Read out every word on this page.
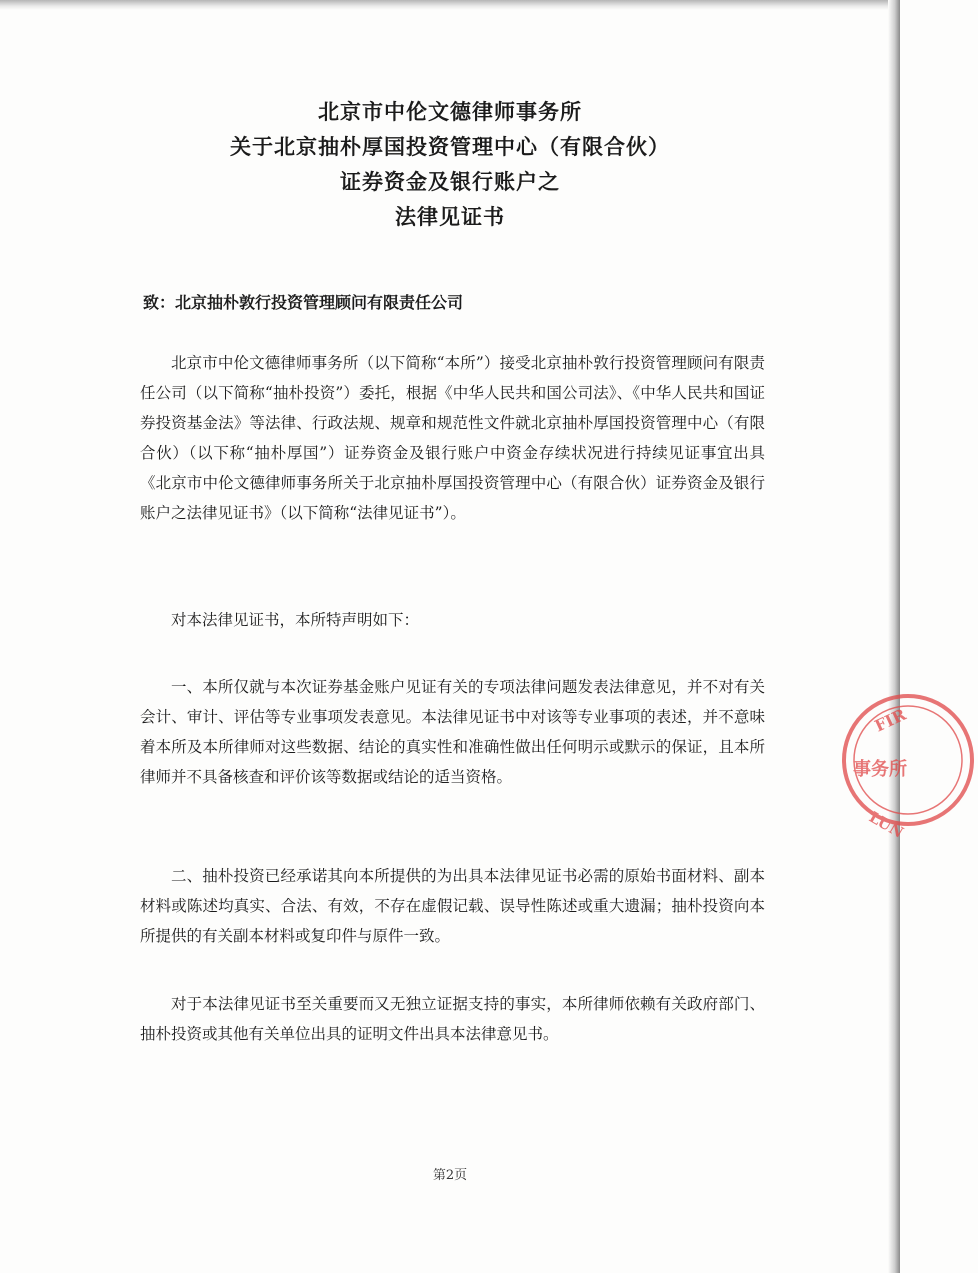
北京市中伦文德律师事务所
关于北京抽朴厚国投资管理中心（有限合伙）
证券资金及银行账户之
法律见证书
致：北京抽朴敦行投资管理顾问有限责任公司
北京市中伦文德律师事务所（以下简称“本所”）接受北京抽朴敦行投资管理顾问有限责任公司（以下简称“抽朴投资”）委托，根据《中华人民共和国公司法》、《中华人民共和国证券投资基金法》等法律、行政法规、规章和规范性文件就北京抽朴厚国投资管理中心（有限合伙）（以下称“抽朴厚国”）证券资金及银行账户中资金存续状况进行持续见证事宜出具《北京市中伦文德律师事务所关于北京抽朴厚国投资管理中心（有限合伙）证券资金及银行账户之法律见证书》（以下简称“法律见证书”）。
对本法律见证书，本所特声明如下：
一、本所仅就与本次证券基金账户见证有关的专项法律问题发表法律意见，并不对有关会计、审计、评估等专业事项发表意见。本法律见证书中对该等专业事项的表述，并不意味着本所及本所律师对这些数据、结论的真实性和准确性做出任何明示或默示的保证，且本所律师并不具备核查和评价该等数据或结论的适当资格。
二、抽朴投资已经承诺其向本所提供的为出具本法律见证书必需的原始书面材料、副本材料或陈述均真实、合法、有效，不存在虚假记载、误导性陈述或重大遗漏；抽朴投资向本所提供的有关副本材料或复印件与原件一致。
对于本法律见证书至关重要而又无独立证据支持的事实，本所律师依赖有关政府部门、抽朴投资或其他有关单位出具的证明文件出具本法律意见书。
FIR
事务所
LUN
第2页
